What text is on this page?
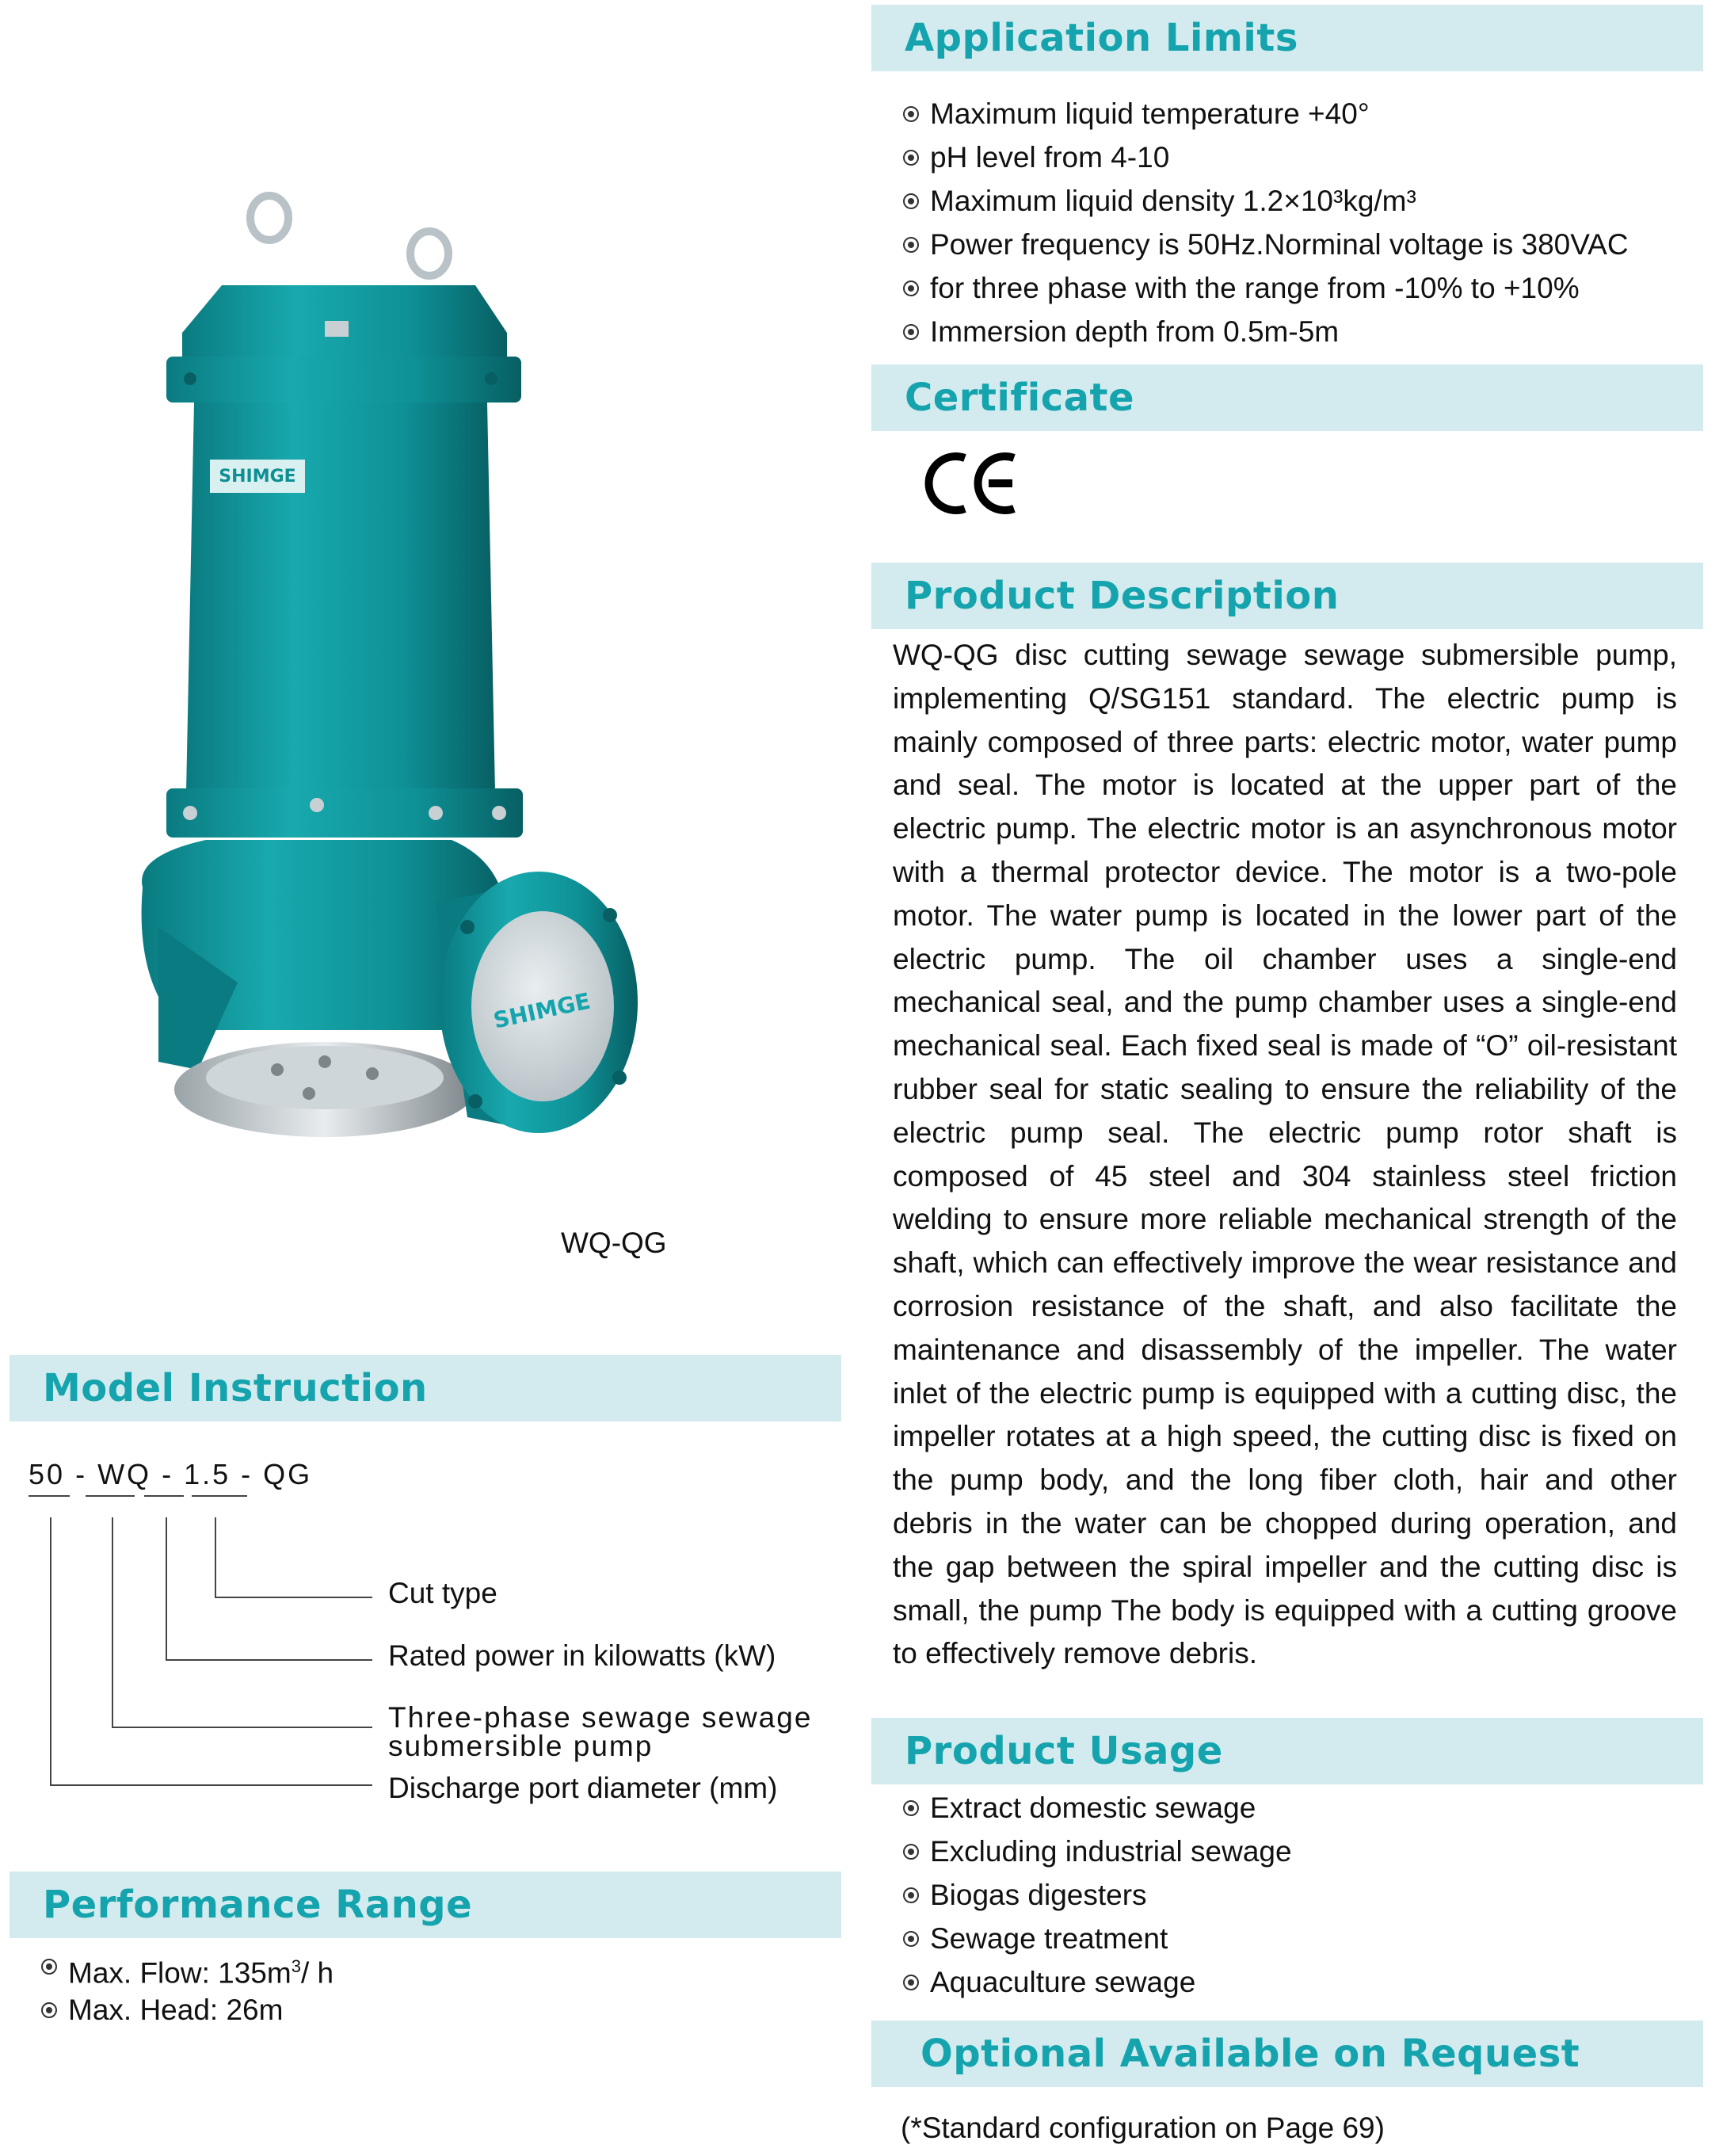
Application Limits
Maximum liquid temperature +40°
pH level from 4-10
Maximum liquid density 1.2×10³kg/m³
Power frequency is 50Hz.Norminal voltage is 380VAC
for three phase with the range from -10% to +10%
Immersion depth from 0.5m-5m
Certificate
Product Description

WQ-QG disc cutting sewage sewage submersible pump, implementing Q/SG151 standard. The electric pump is mainly composed of three parts: electric motor, water pump and seal. The motor is located at the upper part of the electric pump. The electric motor is an asynchronous motor with a thermal protector device. The motor is a two-pole motor. The water pump is located in the lower part of the electric pump. The oil chamber uses a single-end mechanical seal, and the pump chamber uses a single-end mechanical seal. Each fixed seal is made of “O” oil-resistant rubber seal for static sealing to ensure the reliability of the electric pump seal. The electric pump rotor shaft is composed of 45 steel and 304 stainless steel friction welding to ensure more reliable mechanical strength of the shaft, which can effectively improve the wear resistance and corrosion resistance of the shaft, and also facilitate the maintenance and disassembly of the impeller. The water inlet of the electric pump is equipped with a cutting disc, the impeller rotates at a high speed, the cutting disc is fixed on the pump body, and the long fiber cloth, hair and other debris in the water can be chopped during operation, and the gap between the spiral impeller and the cutting disc is small, the pump The body is equipped with a cutting groove to effectively remove debris.

Product Usage
Extract domestic sewage
Excluding industrial sewage
Biogas digesters
Sewage treatment
Aquaculture sewage
Optional Available on Request
(*Standard configuration on Page 69)
SHIMGE
SHIMGE
WQ-QG
Model Instruction
50 - WQ - 1.5 - QG
Cut type
Rated power in kilowatts (kW)
Three-phase sewage sewage
submersible pump
Discharge port diameter (mm)
Performance Range
Max. Flow: $135m^3/$ h
Max. Head: 26m
